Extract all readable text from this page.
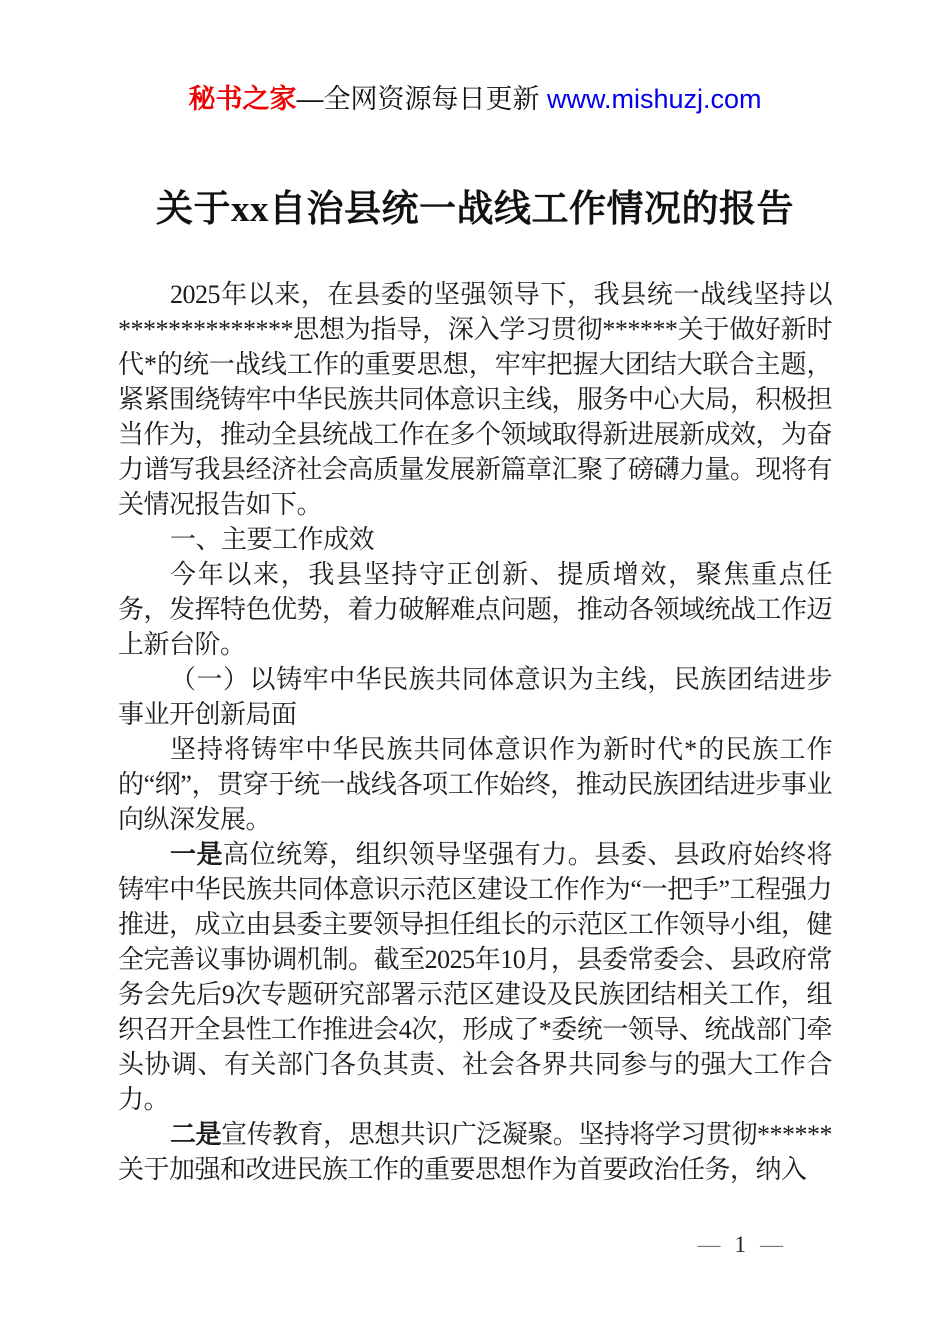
秘书之家—全网资源每日更新 www.mishuzj.com
关于xx自治县统一战线工作情况的报告

2025年以来，在县委的坚强领导下，我县统一战线坚持以**************思想为指导，深入学习贯彻******关于做好新时代*的统一战线工作的重要思想，牢牢把握大团结大联合主题，紧紧围绕铸牢中华民族共同体意识主线，服务中心大局，积极担当作为，推动全县统战工作在多个领域取得新进展新成效，为奋力谱写我县经济社会高质量发展新篇章汇聚了磅礴力量。现将有关情况报告如下。

一、主要工作成效

今年以来，我县坚持守正创新、提质增效，聚焦重点任务，发挥特色优势，着力破解难点问题，推动各领域统战工作迈上新台阶。

（一）以铸牢中华民族共同体意识为主线，民族团结进步事业开创新局面

坚持将铸牢中华民族共同体意识作为新时代*的民族工作的“纲”，贯穿于统一战线各项工作始终，推动民族团结进步事业向纵深发展。

一是高位统筹，组织领导坚强有力。县委、县政府始终将铸牢中华民族共同体意识示范区建设工作作为“一把手”工程强力推进，成立由县委主要领导担任组长的示范区工作领导小组，健全完善议事协调机制。截至2025年10月，县委常委会、县政府常务会先后9次专题研究部署示范区建设及民族团结相关工作，组织召开全县性工作推进会4次，形成了*委统一领导、统战部门牵头协调、有关部门各负其责、社会各界共同参与的强大工作合力。

二是宣传教育，思想共识广泛凝聚。坚持将学习贯彻******关于加强和改进民族工作的重要思想作为首要政治任务，纳入

— 1 —
